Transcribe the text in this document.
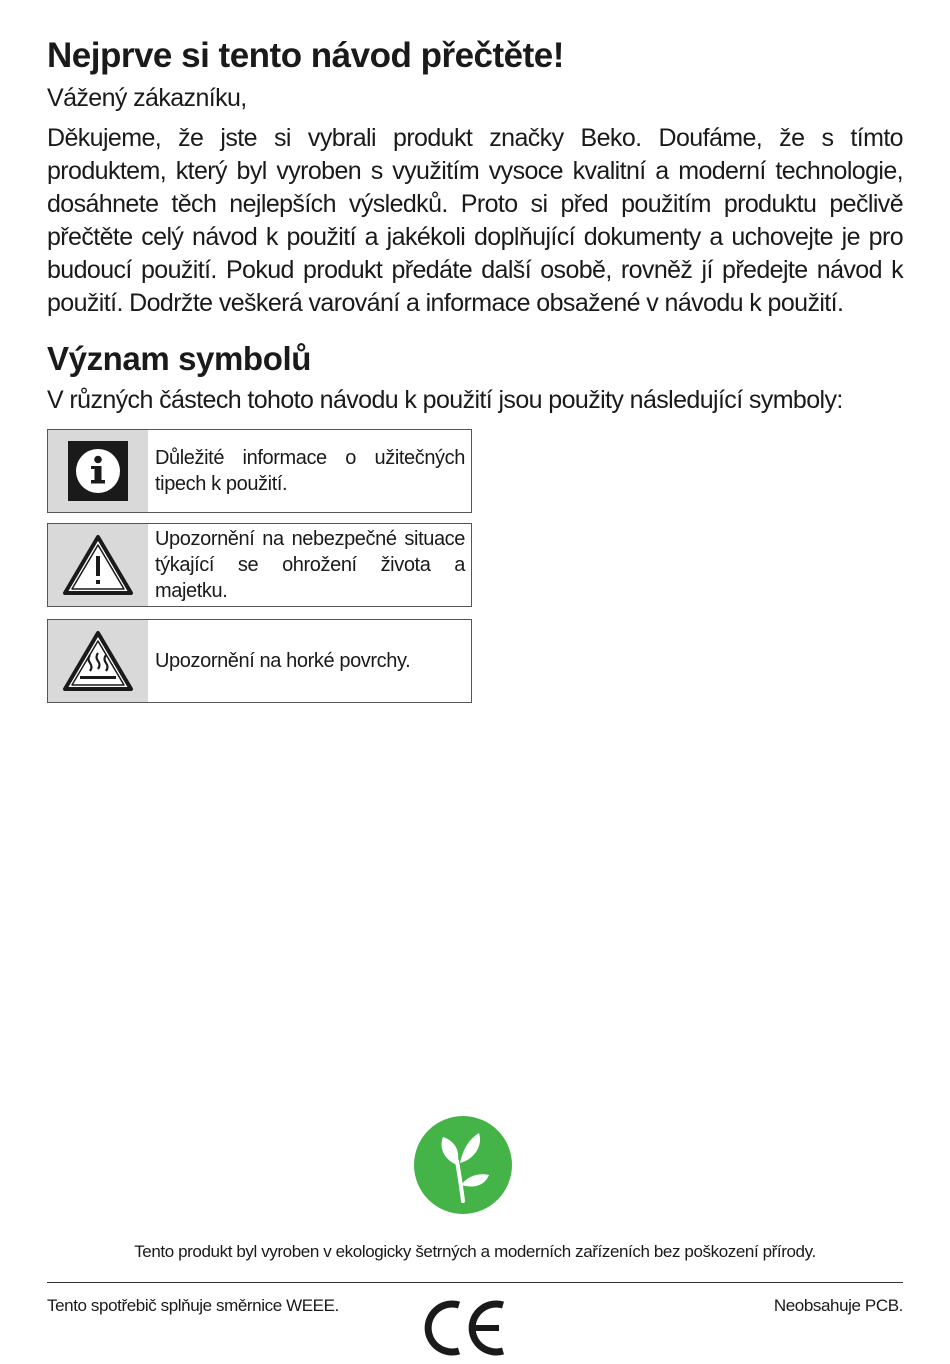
Nejprve si tento návod přečtěte!

Vážený zákazníku,

Děkujeme, že jste si vybrali produkt značky Beko. Doufáme, že s tímto produktem, který byl vyroben s využitím vysoce kvalitní a moderní technologie, dosáhnete těch nejlepších výsledků. Proto si před použitím produktu pečlivě přečtěte celý návod k použití a jakékoli doplňující dokumenty a uchovejte je pro budoucí použití. Pokud produkt předáte další osobě, rovněž jí předejte návod k použití. Dodržte veškerá varování a informace obsažené v návodu k použití.

Význam symbolů

V různých částech tohoto návodu k použití jsou použity následující symboly:

Důležité informace o užitečných tipech k použití.
Upozornění na nebezpečné situace týkající se ohrožení života a majetku.
Upozornění na horké povrchy.

Tento produkt byl vyroben v ekologicky šetrných a moderních zařízeních bez poškození přírody.

Tento spotřebič splňuje směrnice WEEE.	Neobsahuje PCB.
